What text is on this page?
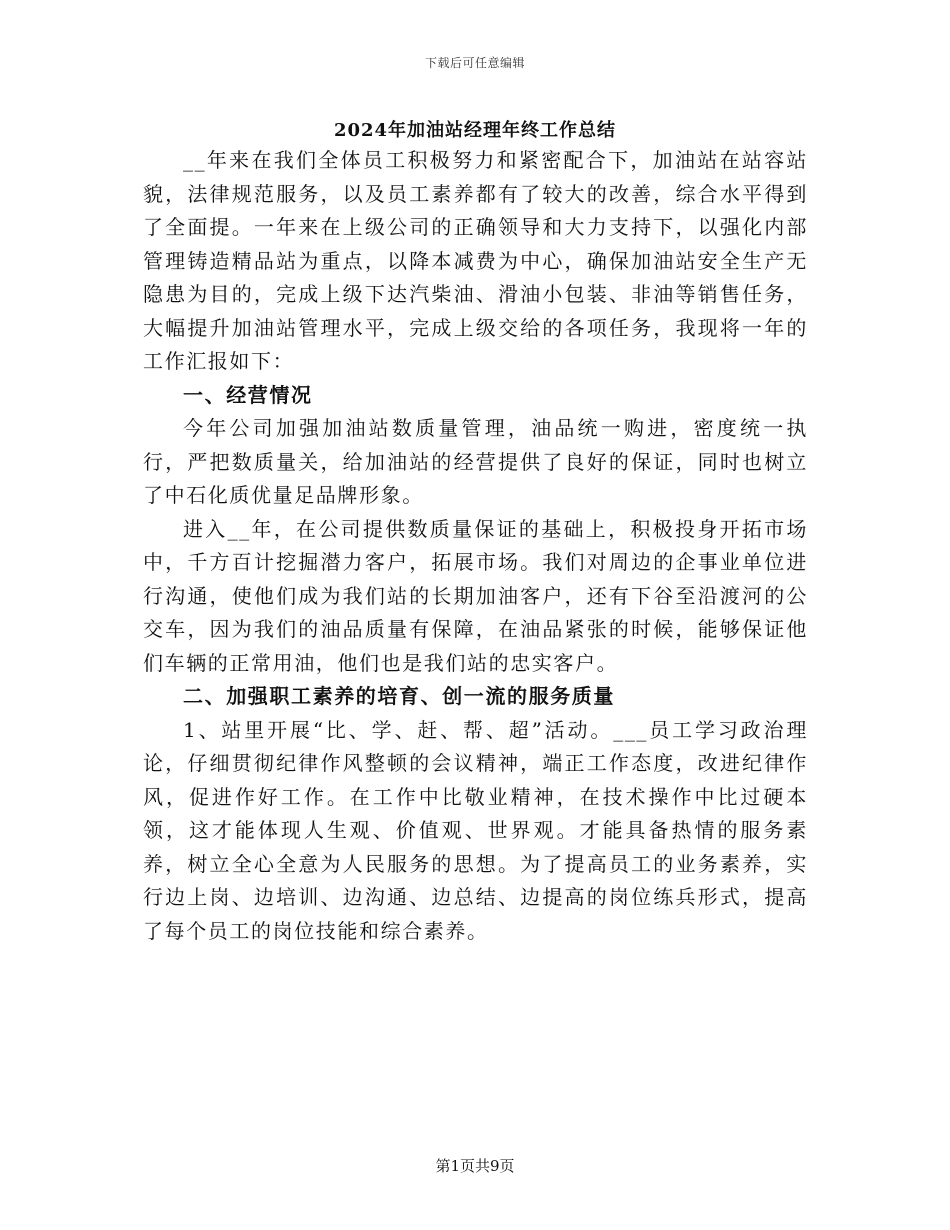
下载后可任意编辑
2024年加油站经理年终工作总结

__年来在我们全体员工积极努力和紧密配合下，加油站在站容站貌，法律规范服务，以及员工素养都有了较大的改善，综合水平得到了全面提。一年来在上级公司的正确领导和大力支持下，以强化内部管理铸造精品站为重点，以降本减费为中心，确保加油站安全生产无隐患为目的，完成上级下达汽柴油、滑油小包装、非油等销售任务，大幅提升加油站管理水平，完成上级交给的各项任务，我现将一年的工作汇报如下：

一、经营情况

今年公司加强加油站数质量管理，油品统一购进，密度统一执行，严把数质量关，给加油站的经营提供了良好的保证，同时也树立了中石化质优量足品牌形象。

进入__年，在公司提供数质量保证的基础上，积极投身开拓市场中，千方百计挖掘潜力客户，拓展市场。我们对周边的企事业单位进行沟通，使他们成为我们站的长期加油客户，还有下谷至沿渡河的公交车，因为我们的油品质量有保障，在油品紧张的时候，能够保证他们车辆的正常用油，他们也是我们站的忠实客户。

二、加强职工素养的培育、创一流的服务质量

1、站里开展“比、学、赶、帮、超”活动。___员工学习政治理论，仔细贯彻纪律作风整顿的会议精神，端正工作态度，改进纪律作风，促进作好工作。在工作中比敬业精神，在技术操作中比过硬本领，这才能体现人生观、价值观、世界观。才能具备热情的服务素养，树立全心全意为人民服务的思想。为了提高员工的业务素养，实行边上岗、边培训、边沟通、边总结、边提高的岗位练兵形式，提高了每个员工的岗位技能和综合素养。

第1页共9页
